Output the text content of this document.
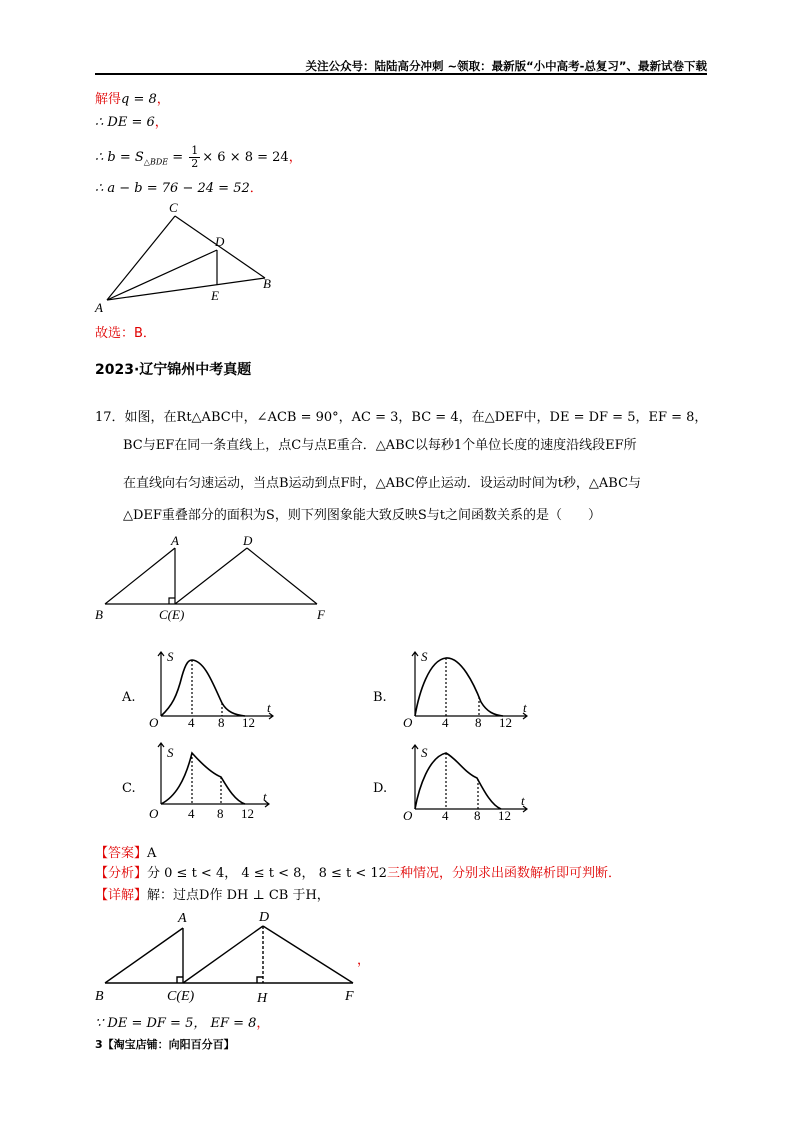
关注公众号：陆陆高分冲刺 ~领取：最新版“小中高考-总复习”、最新试卷下载
解得q = 8，
∴ DE = 6，
∴ $b = S_{\triangle BDE} = \frac{1}{2} \times 6 \times 8 = 24$，
∴ a − b = 76 − 24 = 52．
C
D
A
E
B
故选：B．
2023·辽宁锦州中考真题
17．如图，在Rt△ABC中，∠ACB = 90°，AC = 3，BC = 4，在△DEF中，DE = DF = 5，EF = 8，
BC与EF在同一条直线上，点C与点E重合．△ABC以每秒1个单位长度的速度沿线段EF所
在直线向右匀速运动，当点B运动到点F时，△ABC停止运动．设运动时间为t秒，△ABC与
△DEF重叠部分的面积为S，则下列图象能大致反映S与t之间函数关系的是（　　）
A	D
B	C(E)	F
A.
S
t
O 4 8 12
B.
S
t
O 4 8 12
C.
S
t
O 4 8 12
D.
S
t
O 4 8 12
【答案】A
【分析】分 0 ≤ t < 4， 4 ≤ t < 8， 8 ≤ t < 12三种情况，分别求出函数解析即可判断．
【详解】解：过点D作 DH ⊥ CB 于H，
A	D
B	C(E)	H	F
，
∵ DE = DF = 5， EF = 8，
3【淘宝店铺：向阳百分百】
